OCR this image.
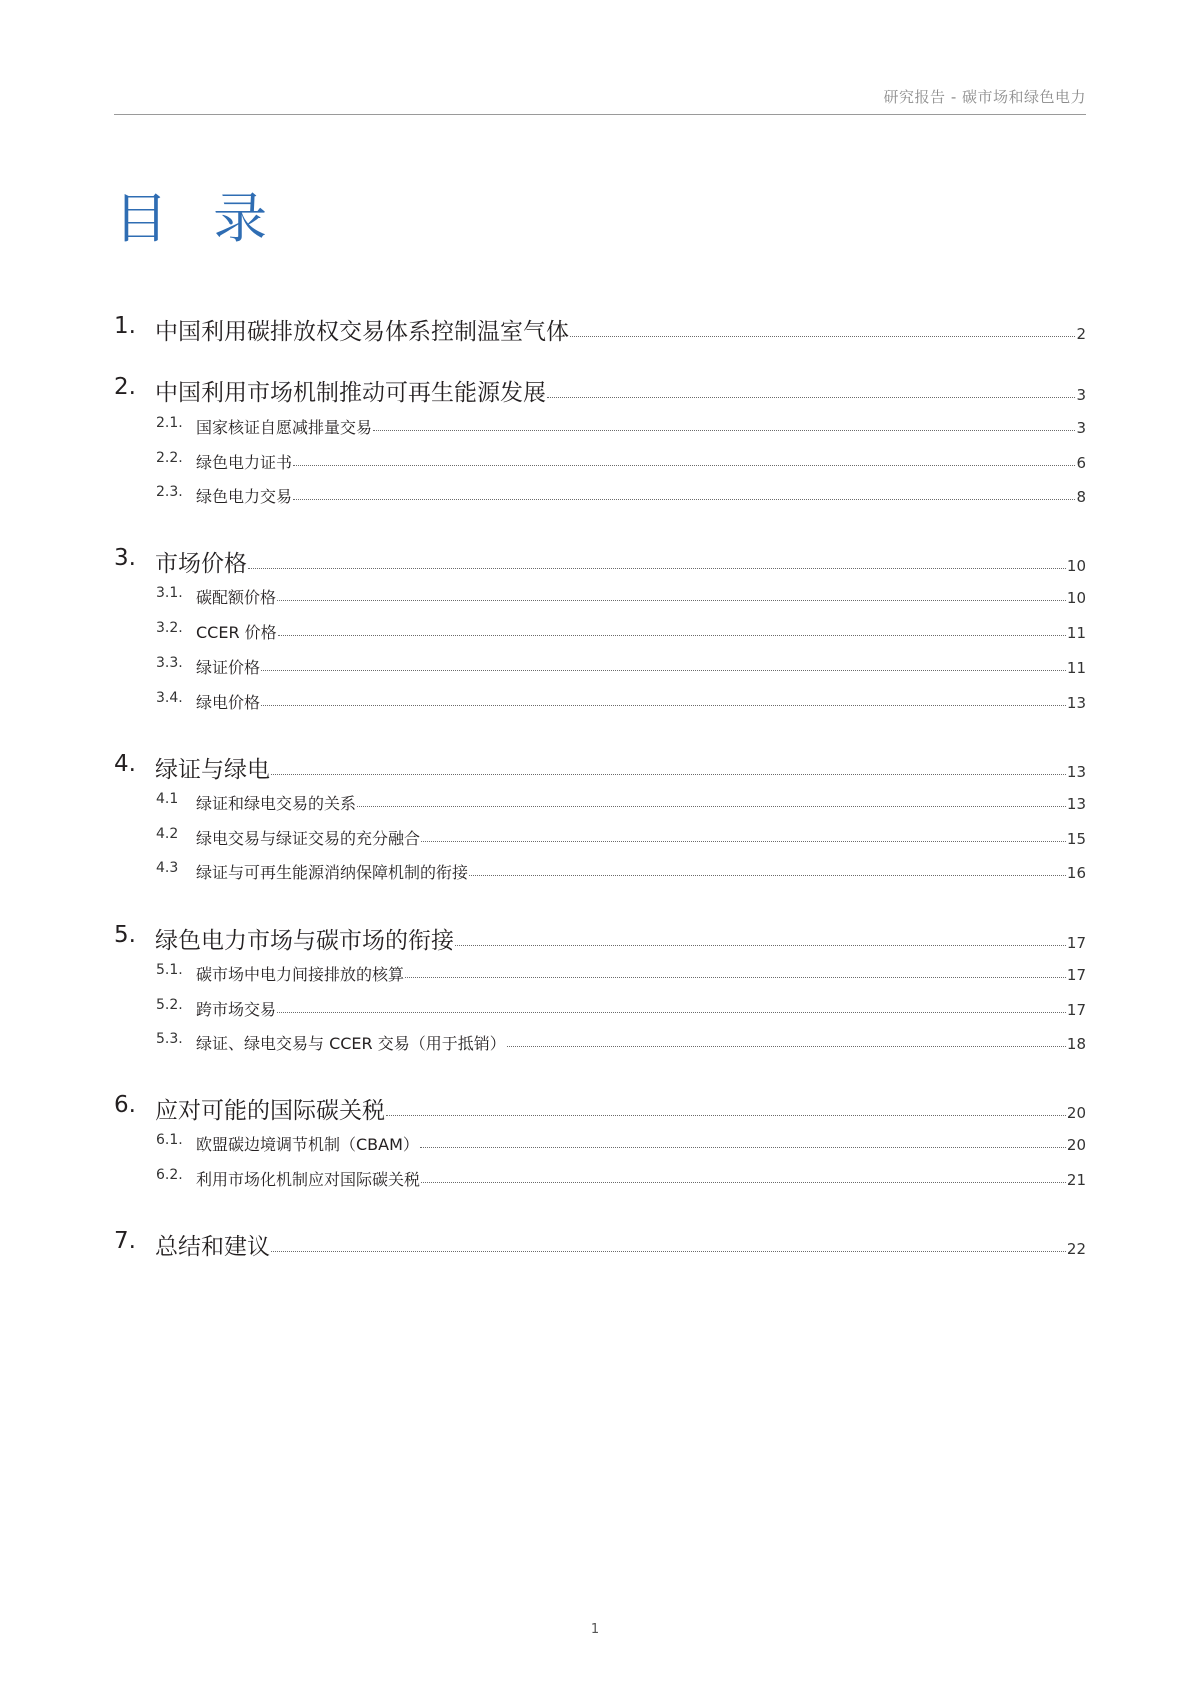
研究报告 - 碳市场和绿色电力
目 录
1. 中国利用碳排放权交易体系控制温室气体	2
2. 中国利用市场机制推动可再生能源发展	3
2.1. 国家核证自愿减排量交易	3
2.2. 绿色电力证书	6
2.3. 绿色电力交易	8
3. 市场价格	10
3.1. 碳配额价格	10
3.2. CCER 价格	11
3.3. 绿证价格	11
3.4. 绿电价格	13
4. 绿证与绿电	13
4.1 绿证和绿电交易的关系	13
4.2 绿电交易与绿证交易的充分融合	15
4.3 绿证与可再生能源消纳保障机制的衔接	16
5. 绿色电力市场与碳市场的衔接	17
5.1. 碳市场中电力间接排放的核算	17
5.2. 跨市场交易	17
5.3. 绿证、绿电交易与 CCER 交易（用于抵销）	18
6. 应对可能的国际碳关税	20
6.1. 欧盟碳边境调节机制（CBAM）	20
6.2. 利用市场化机制应对国际碳关税	21
7. 总结和建议	22
1
